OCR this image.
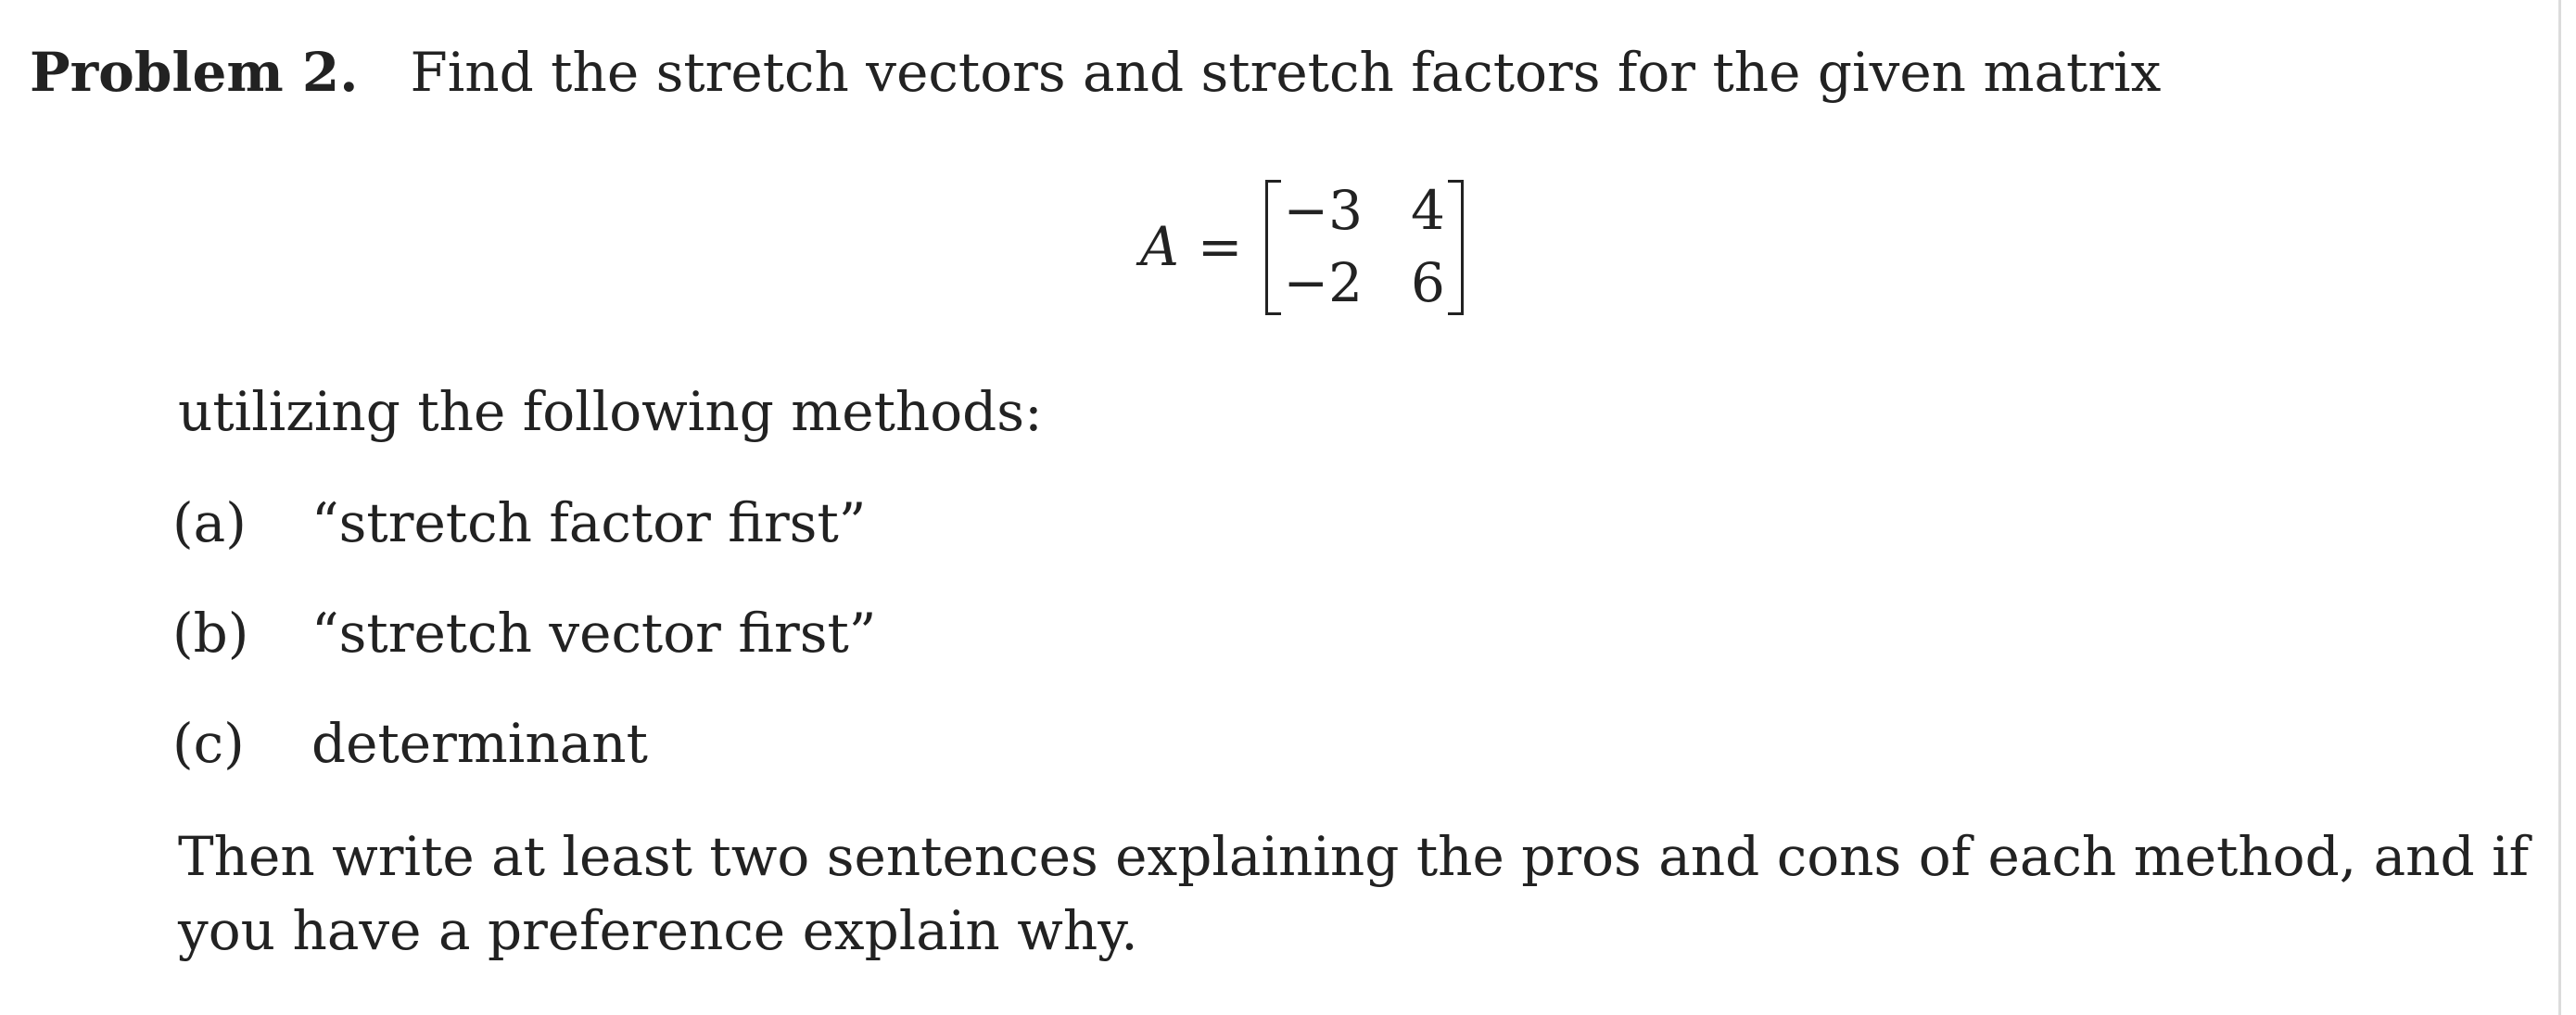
Problem 2. Find the stretch vectors and stretch factors for the given matrix
A =
−3 4
−2 6
utilizing the following methods:
(a) “stretch factor first”
(b) “stretch vector first”
(c) determinant
Then write at least two sentences explaining the pros and cons of each method, and if you have a preference explain why.
